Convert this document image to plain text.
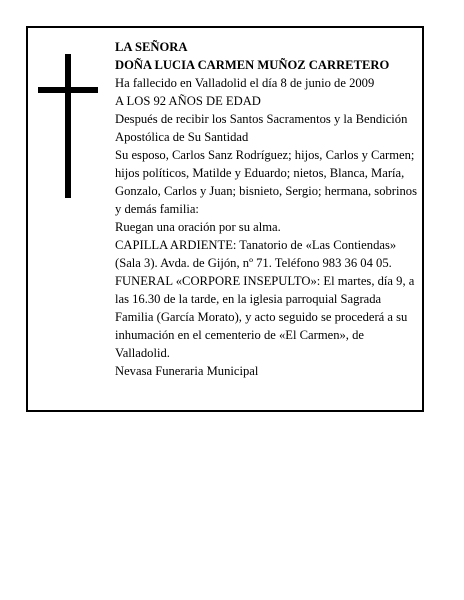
LA SEÑORA

DOÑA LUCIA CARMEN MUÑOZ CARRETERO

Ha fallecido en Valladolid el día 8 de junio de 2009

A LOS 92 AÑOS DE EDAD

Después de recibir los Santos Sacramentos y la Bendición Apostólica de Su Santidad

Su esposo, Carlos Sanz Rodríguez; hijos, Carlos y Carmen; hijos políticos, Matilde y Eduardo; nietos, Blanca, María, Gonzalo, Carlos y Juan; bisnieto, Sergio; hermana, sobrinos y demás familia:

Ruegan una oración por su alma.

CAPILLA ARDIENTE: Tanatorio de «Las Contiendas» (Sala 3). Avda. de Gijón, nº 71. Teléfono 983 36 04 05.

FUNERAL «CORPORE INSEPULTO»: El martes, día 9, a las 16.30 de la tarde, en la iglesia parroquial Sagrada Familia (García Morato), y acto seguido se procederá a su inhumación en el cementerio de «El Carmen», de Valladolid.

Nevasa Funeraria Municipal
